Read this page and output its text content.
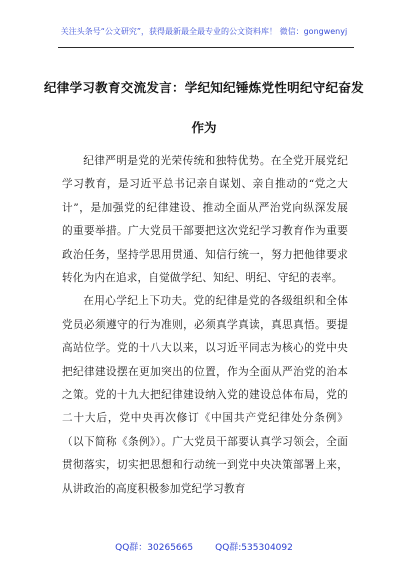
关注头条号“公文研究”，获得最新最全最专业的公文资料库！ 微信：gongwenyj
纪律学习教育交流发言：学纪知纪锤炼党性明纪守纪奋发
作为

纪律严明是党的光荣传统和独特优势。在全党开展党纪学习教育，是习近平总书记亲自谋划、亲自推动的“党之大计”，是加强党的纪律建设、推动全面从严治党向纵深发展的重要举措。广大党员干部要把这次党纪学习教育作为重要政治任务，坚持学思用贯通、知信行统一，努力把他律要求转化为内在追求，自觉做学纪、知纪、明纪、守纪的表率。

在用心学纪上下功夫。党的纪律是党的各级组织和全体党员必须遵守的行为准则，必须真学真读，真思真悟。要提高站位学。党的十八大以来，以习近平同志为核心的党中央把纪律建设摆在更加突出的位置，作为全面从严治党的治本之策。党的十九大把纪律建设纳入党的建设总体布局，党的二十大后，党中央再次修订《中国共产党纪律处分条例》（以下简称《条例》）。广大党员干部要认真学习领会，全面贯彻落实，切实把思想和行动统一到党中央决策部署上来，从讲政治的高度积极参加党纪学习教育

QQ群：30265665 QQ群:535304092
